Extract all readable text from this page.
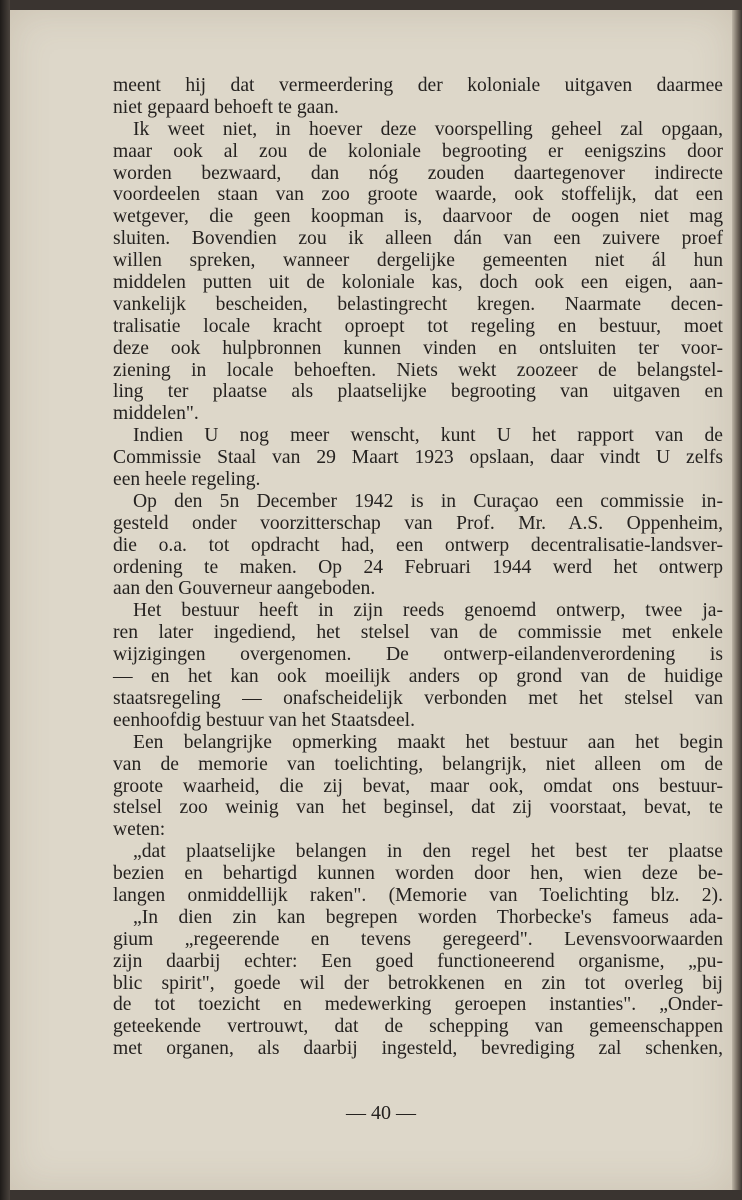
— 40 —
meent hij dat vermeerdering der koloniale uitgaven daarmee
niet gepaard behoeft te gaan.
Ik weet niet, in hoever deze voorspelling geheel zal opgaan,
maar ook al zou de koloniale begrooting er eenigszins door
worden bezwaard, dan nóg zouden daartegenover indirecte
voordeelen staan van zoo groote waarde, ook stoffelijk, dat een
wetgever, die geen koopman is, daarvoor de oogen niet mag
sluiten. Bovendien zou ik alleen dán van een zuivere proef
willen spreken, wanneer dergelijke gemeenten niet ál hun
middelen putten uit de koloniale kas, doch ook een eigen, aan-
vankelijk bescheiden, belastingrecht kregen. Naarmate decen-
tralisatie locale kracht oproept tot regeling en bestuur, moet
deze ook hulpbronnen kunnen vinden en ontsluiten ter voor-
ziening in locale behoeften. Niets wekt zoozeer de belangstel-
ling ter plaatse als plaatselijke begrooting van uitgaven en
middelen".
Indien U nog meer wenscht, kunt U het rapport van de
Commissie Staal van 29 Maart 1923 opslaan, daar vindt U zelfs
een heele regeling.
Op den 5n December 1942 is in Curaçao een commissie in-
gesteld onder voorzitterschap van Prof. Mr. A.S. Oppenheim,
die o.a. tot opdracht had, een ontwerp decentralisatie-landsver-
ordening te maken. Op 24 Februari 1944 werd het ontwerp
aan den Gouverneur aangeboden.
Het bestuur heeft in zijn reeds genoemd ontwerp, twee ja-
ren later ingediend, het stelsel van de commissie met enkele
wijzigingen overgenomen. De ontwerp-eilandenverordening is
— en het kan ook moeilijk anders op grond van de huidige
staatsregeling — onafscheidelijk verbonden met het stelsel van
eenhoofdig bestuur van het Staatsdeel.
Een belangrijke opmerking maakt het bestuur aan het begin
van de memorie van toelichting, belangrijk, niet alleen om de
groote waarheid, die zij bevat, maar ook, omdat ons bestuur-
stelsel zoo weinig van het beginsel, dat zij voorstaat, bevat, te
weten:
„dat plaatselijke belangen in den regel het best ter plaatse
bezien en behartigd kunnen worden door hen, wien deze be-
langen onmiddellijk raken". (Memorie van Toelichting blz. 2).
„In dien zin kan begrepen worden Thorbecke's fameus ada-
gium „regeerende en tevens geregeerd". Levensvoorwaarden
zijn daarbij echter: Een goed functioneerend organisme, „pu-
blic spirit", goede wil der betrokkenen en zin tot overleg bij
de tot toezicht en medewerking geroepen instanties". „Onder-
geteekende vertrouwt, dat de schepping van gemeenschappen
met organen, als daarbij ingesteld, bevrediging zal schenken,
